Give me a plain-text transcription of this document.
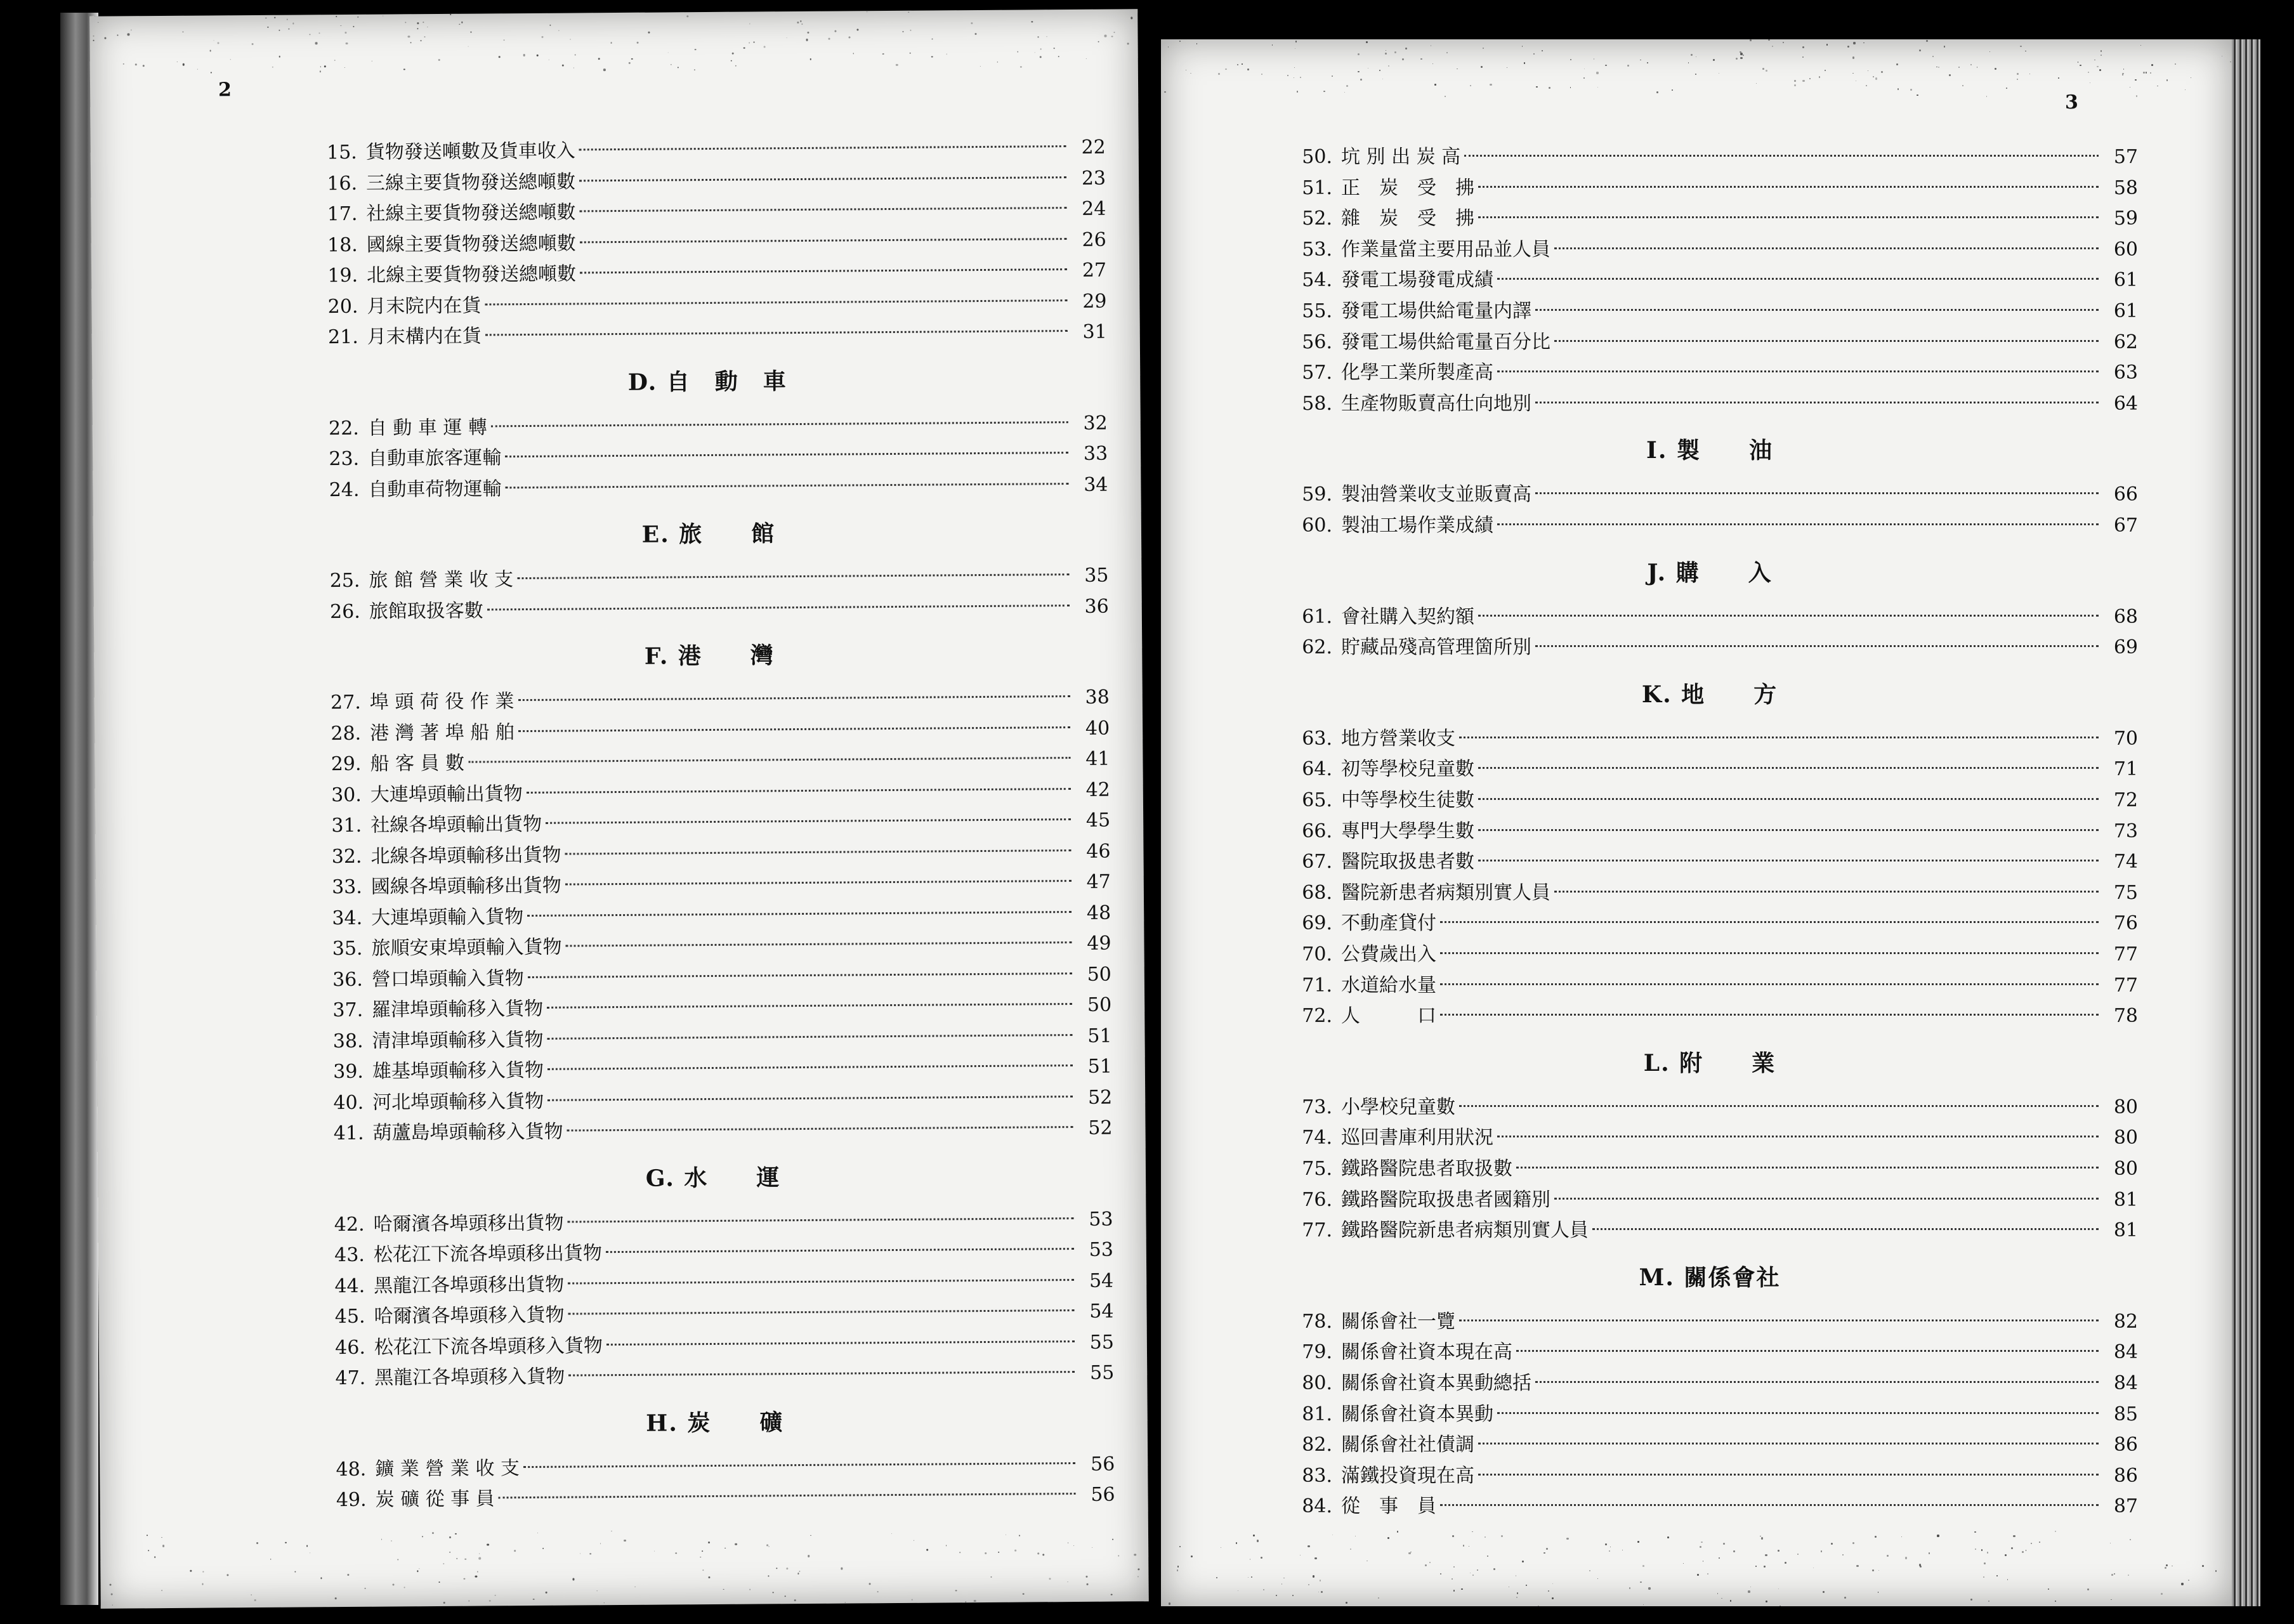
2
15. 貨物發送噸數及貨車收入	22
16. 三線主要貨物發送總噸數	23
17. 社線主要貨物發送總噸數	24
18. 國線主要貨物發送總噸數	26
19. 北線主要貨物發送總噸數	27
20. 月末院内在貨	29
21. 月末構内在貨	31
D. 自　動　車
22. 自 動 車 運 轉	32
23. 自動車旅客運輸	33
24. 自動車荷物運輸	34
E. 旅　　館
25. 旅 館 營 業 收 支	35
26. 旅館取扱客數	36
F. 港　　灣
27. 埠 頭 荷 役 作 業	38
28. 港 灣 著 埠 船 舶	40
29. 船 客 員 數	41
30. 大連埠頭輸出貨物	42
31. 社線各埠頭輸出貨物	45
32. 北線各埠頭輸移出貨物	46
33. 國線各埠頭輸移出貨物	47
34. 大連埠頭輸入貨物	48
35. 旅順安東埠頭輸入貨物	49
36. 營口埠頭輸入貨物	50
37. 羅津埠頭輸移入貨物	50
38. 清津埠頭輸移入貨物	51
39. 雄基埠頭輸移入貨物	51
40. 河北埠頭輸移入貨物	52
41. 葫蘆島埠頭輸移入貨物	52
G. 水　　運
42. 哈爾濱各埠頭移出貨物	53
43. 松花江下流各埠頭移出貨物	53
44. 黑龍江各埠頭移出貨物	54
45. 哈爾濱各埠頭移入貨物	54
46. 松花江下流各埠頭移入貨物	55
47. 黑龍江各埠頭移入貨物	55
H. 炭　　礦
48. 鑛 業 營 業 收 支	56
49. 炭 礦 從 事 員	56
3
50. 坑 別 出 炭 高	57
51. 正　炭　受　拂	58
52. 雜　炭　受　拂	59
53. 作業量當主要用品並人員	60
54. 發電工場發電成績	61
55. 發電工場供給電量内譯	61
56. 發電工場供給電量百分比	62
57. 化學工業所製產高	63
58. 生產物販賣高仕向地別	64
I. 製　　油
59. 製油營業收支並販賣高	66
60. 製油工場作業成績	67
J. 購　　入
61. 會社購入契約額	68
62. 貯藏品殘高管理箇所別	69
K. 地　　方
63. 地方營業收支	70
64. 初等學校兒童數	71
65. 中等學校生徒數	72
66. 專門大學學生數	73
67. 醫院取扱患者數	74
68. 醫院新患者病類別實人員	75
69. 不動產貸付	76
70. 公費歲出入	77
71. 水道給水量	77
72. 人　　　口	78
L. 附　　業
73. 小學校兒童數	80
74. 巡回書庫利用狀況	80
75. 鐵路醫院患者取扱數	80
76. 鐵路醫院取扱患者國籍別	81
77. 鐵路醫院新患者病類別實人員	81
M. 關係會社
78. 關係會社一覽	82
79. 關係會社資本現在高	84
80. 關係會社資本異動總括	84
81. 關係會社資本異動	85
82. 關係會社社債調	86
83. 滿鐵投資現在高	86
84. 從　事　員	87
